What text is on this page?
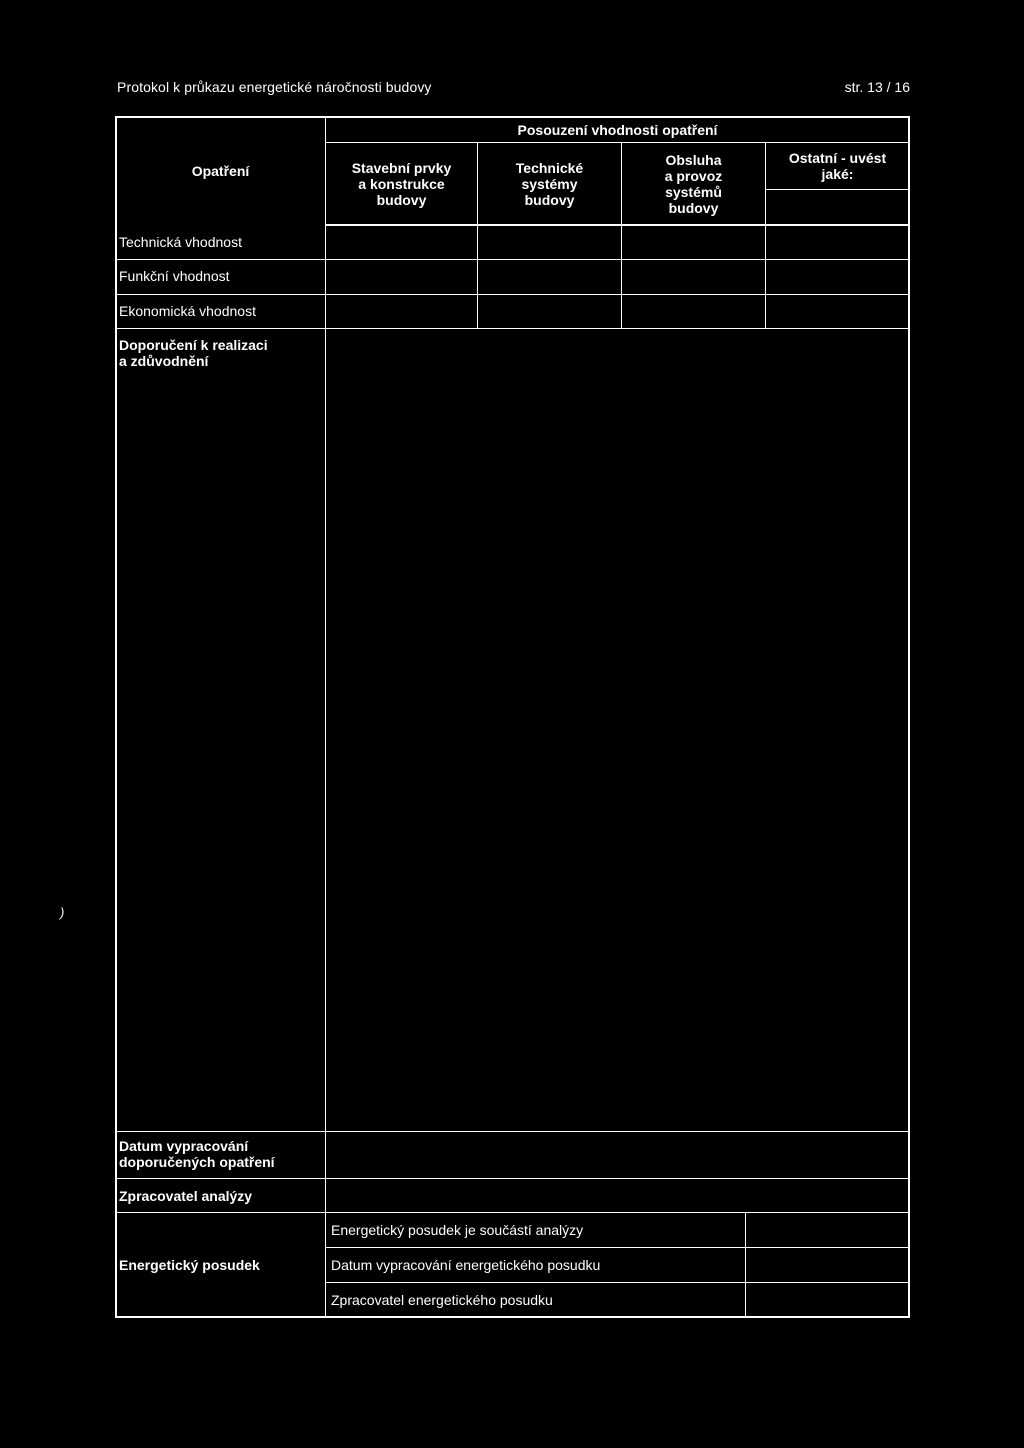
Protokol k průkazu energetické náročnosti budovy	str. 13 / 16
)
Opatření
Posouzení vhodnosti opatření
Stavební prvky
a konstrukce
budovy
Technické
systémy
budovy
Obsluha
a provoz
systémů
budovy
Ostatní - uvést
jaké:
Technická vhodnost
Funkční vhodnost
Ekonomická vhodnost
Doporučení k realizaci
a zdůvodnění
Datum vypracování
doporučených opatření
Zpracovatel analýzy
Energetický posudek
Energetický posudek je součástí analýzy
Datum vypracování energetického posudku
Zpracovatel energetického posudku
